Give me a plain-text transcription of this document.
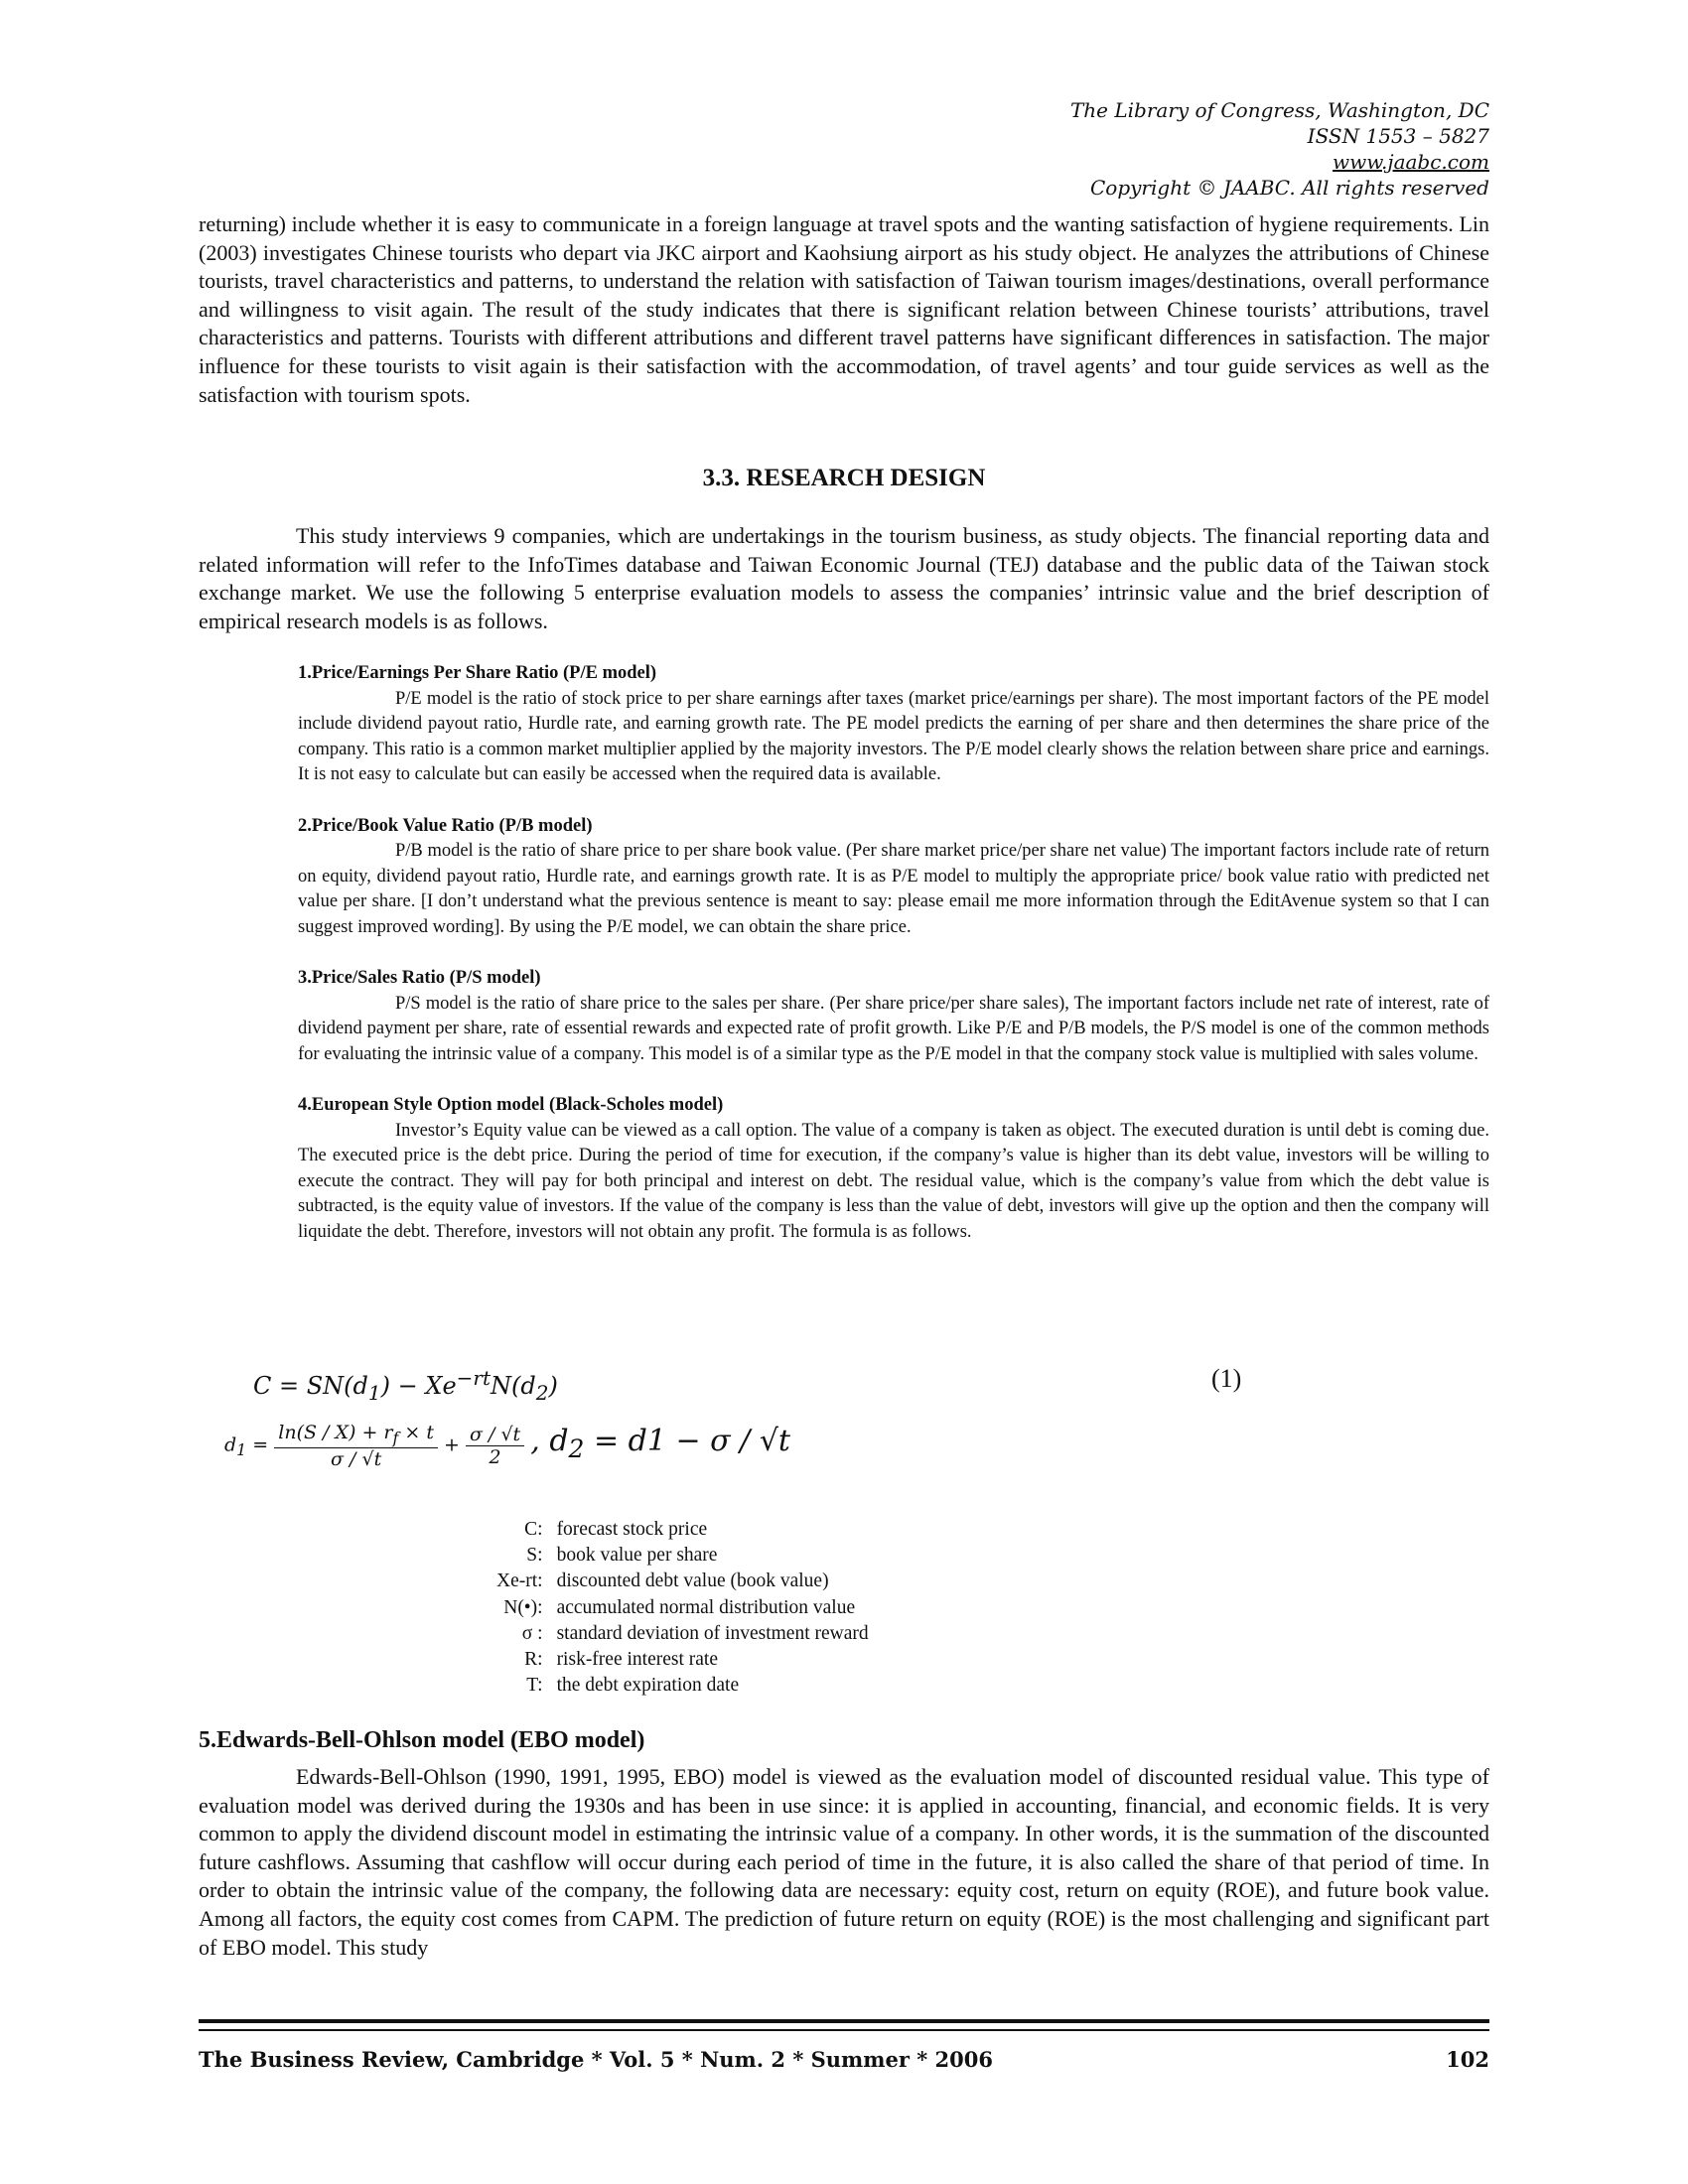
The Library of Congress, Washington, DC
ISSN 1553 – 5827
www.jaabc.com
Copyright © JAABC. All rights reserved
returning) include whether it is easy to communicate in a foreign language at travel spots and the wanting satisfaction of hygiene requirements. Lin (2003) investigates Chinese tourists who depart via JKC airport and Kaohsiung airport as his study object. He analyzes the attributions of Chinese tourists, travel characteristics and patterns, to understand the relation with satisfaction of Taiwan tourism images/destinations, overall performance and willingness to visit again. The result of the study indicates that there is significant relation between Chinese tourists’ attributions, travel characteristics and patterns. Tourists with different attributions and different travel patterns have significant differences in satisfaction. The major influence for these tourists to visit again is their satisfaction with the accommodation, of travel agents’ and tour guide services as well as the satisfaction with tourism spots.
3.3. RESEARCH DESIGN
This study interviews 9 companies, which are undertakings in the tourism business, as study objects. The financial reporting data and related information will refer to the InfoTimes database and Taiwan Economic Journal (TEJ) database and the public data of the Taiwan stock exchange market. We use the following 5 enterprise evaluation models to assess the companies’ intrinsic value and the brief description of empirical research models is as follows.
1.Price/Earnings Per Share Ratio (P/E model)

P/E model is the ratio of stock price to per share earnings after taxes (market price/earnings per share). The most important factors of the PE model include dividend payout ratio, Hurdle rate, and earning growth rate. The PE model predicts the earning of per share and then determines the share price of the company. This ratio is a common market multiplier applied by the majority investors. The P/E model clearly shows the relation between share price and earnings. It is not easy to calculate but can easily be accessed when the required data is available.

2.Price/Book Value Ratio (P/B model)

P/B model is the ratio of share price to per share book value. (Per share market price/per share net value) The important factors include rate of return on equity, dividend payout ratio, Hurdle rate, and earnings growth rate. It is as P/E model to multiply the appropriate price/ book value ratio with predicted net value per share. [I don’t understand what the previous sentence is meant to say: please email me more information through the EditAvenue system so that I can suggest improved wording]. By using the P/E model, we can obtain the share price.

3.Price/Sales Ratio (P/S model)

P/S model is the ratio of share price to the sales per share. (Per share price/per share sales), The important factors include net rate of interest, rate of dividend payment per share, rate of essential rewards and expected rate of profit growth. Like P/E and P/B models, the P/S model is one of the common methods for evaluating the intrinsic value of a company. This model is of a similar type as the P/E model in that the company stock value is multiplied with sales volume.

4.European Style Option model (Black-Scholes model)

Investor’s Equity value can be viewed as a call option. The value of a company is taken as object. The executed duration is until debt is coming due. The executed price is the debt price. During the period of time for execution, if the company’s value is higher than its debt value, investors will be willing to execute the contract. They will pay for both principal and interest on debt. The residual value, which is the company’s value from which the debt value is subtracted, is the equity value of investors. If the value of the company is less than the value of debt, investors will give up the option and then the company will liquidate the debt. Therefore, investors will not obtain any profit. The formula is as follows.

$C = SN(d_1) - Xe^{-rt}N(d_2)$	(1)
$d_1 = \frac{\ln(S / X) + r_f \times t}{\sigma / √t} + \frac{\sigma / √t}{2}$ , $d_2 = d1 - \sigma / √t$
C:	forecast stock price
S:	book value per share
Xe-rt:	discounted debt value (book value)
N(•):	accumulated normal distribution value
σ :	standard deviation of investment reward
R:	risk-free interest rate
T:	the debt expiration date
5.Edwards-Bell-Ohlson model (EBO model)
Edwards-Bell-Ohlson (1990, 1991, 1995, EBO) model is viewed as the evaluation model of discounted residual value. This type of evaluation model was derived during the 1930s and has been in use since: it is applied in accounting, financial, and economic fields. It is very common to apply the dividend discount model in estimating the intrinsic value of a company. In other words, it is the summation of the discounted future cashflows. Assuming that cashflow will occur during each period of time in the future, it is also called the share of that period of time. In order to obtain the intrinsic value of the company, the following data are necessary: equity cost, return on equity (ROE), and future book value. Among all factors, the equity cost comes from CAPM. The prediction of future return on equity (ROE) is the most challenging and significant part of EBO model. This study
The Business Review, Cambridge * Vol. 5 * Num. 2 * Summer * 2006	102
